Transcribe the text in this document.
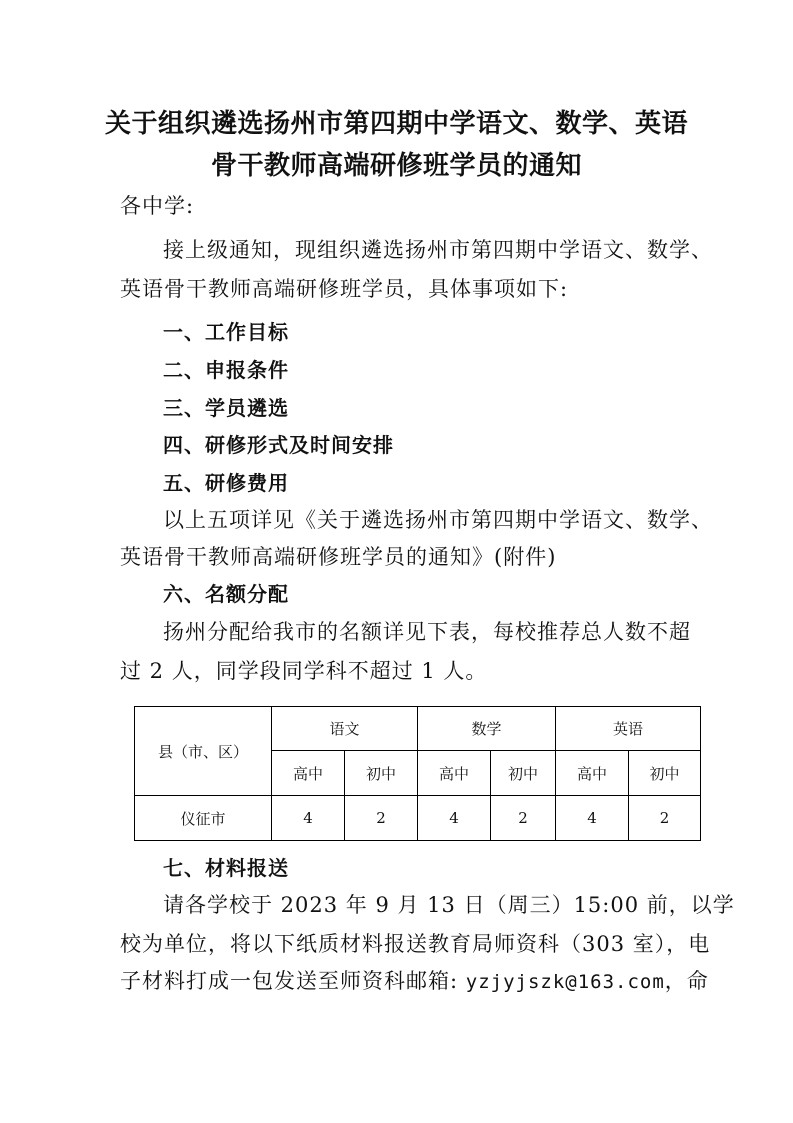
关于组织遴选扬州市第四期中学语文、数学、英语
骨干教师高端研修班学员的通知
各中学:
接上级通知，现组织遴选扬州市第四期中学语文、数学、
英语骨干教师高端研修班学员，具体事项如下:
一、工作目标
二、申报条件
三、学员遴选
四、研修形式及时间安排
五、研修费用
以上五项详见《关于遴选扬州市第四期中学语文、数学、
英语骨干教师高端研修班学员的通知》(附件)
六、名额分配
扬州分配给我市的名额详见下表，每校推荐总人数不超
过 2 人，同学段同学科不超过 1 人。
县（市、区）	语文		数学		英语	
	高中	初中	高中	初中	高中	初中
仪征市	4	2	4	2	4	2
七、材料报送
请各学校于 2023 年 9 月 13 日（周三）15:00 前，以学
校为单位，将以下纸质材料报送教育局师资科（303 室），电
子材料打成一包发送至师资科邮箱: yzjyjszk@163.com，命
